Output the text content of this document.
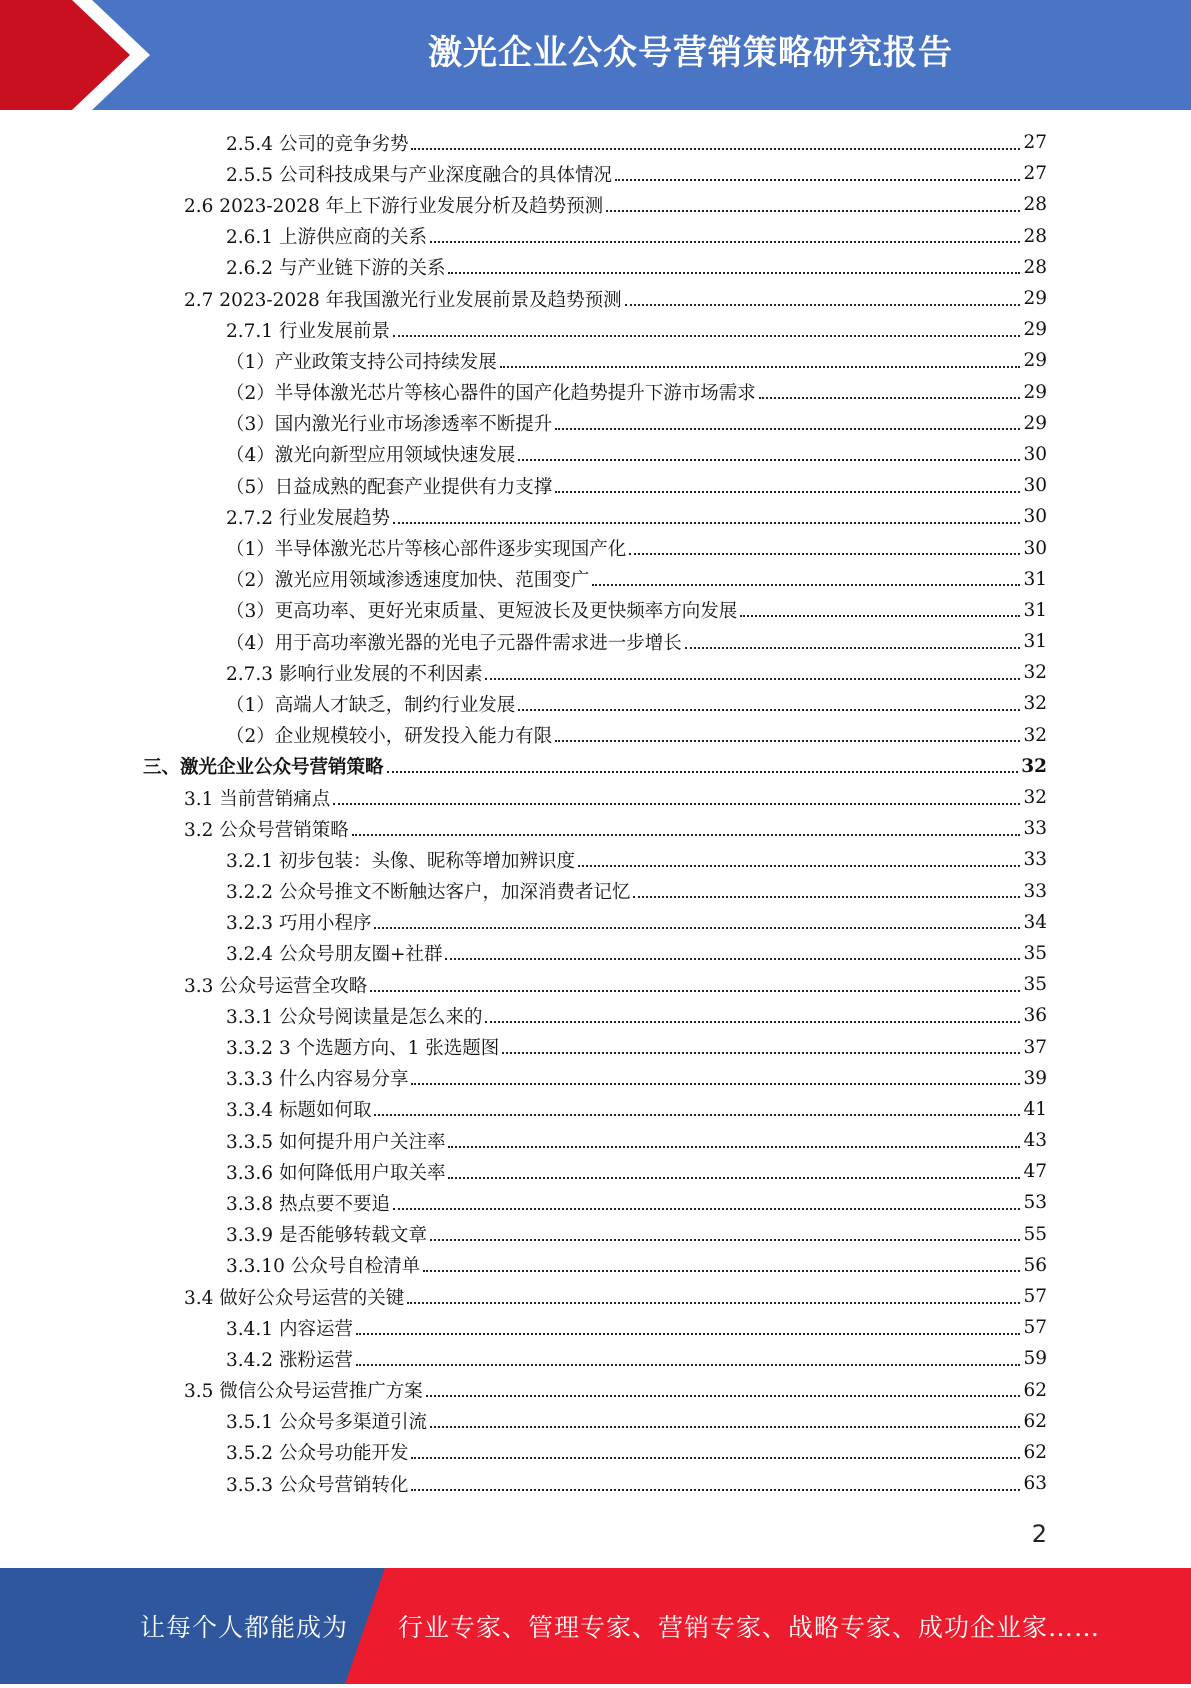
激光企业公众号营销策略研究报告
2.5.4 公司的竞争劣势	27
2.5.5 公司科技成果与产业深度融合的具体情况	27
2.6 2023-2028 年上下游行业发展分析及趋势预测	28
2.6.1 上游供应商的关系	28
2.6.2 与产业链下游的关系	28
2.7 2023-2028 年我国激光行业发展前景及趋势预测	29
2.7.1 行业发展前景	29
（1）产业政策支持公司持续发展	29
（2）半导体激光芯片等核心器件的国产化趋势提升下游市场需求	29
（3）国内激光行业市场渗透率不断提升	29
（4）激光向新型应用领域快速发展	30
（5）日益成熟的配套产业提供有力支撑	30
2.7.2 行业发展趋势	30
（1）半导体激光芯片等核心部件逐步实现国产化	30
（2）激光应用领域渗透速度加快、范围变广	31
（3）更高功率、更好光束质量、更短波长及更快频率方向发展	31
（4）用于高功率激光器的光电子元器件需求进一步增长	31
2.7.3 影响行业发展的不利因素	32
（1）高端人才缺乏，制约行业发展	32
（2）企业规模较小，研发投入能力有限	32
三、激光企业公众号营销策略	32
3.1 当前营销痛点	32
3.2 公众号营销策略	33
3.2.1 初步包装：头像、昵称等增加辨识度	33
3.2.2 公众号推文不断触达客户，加深消费者记忆	33
3.2.3 巧用小程序	34
3.2.4 公众号朋友圈+社群	35
3.3 公众号运营全攻略	35
3.3.1 公众号阅读量是怎么来的	36
3.3.2 3 个选题方向、1 张选题图	37
3.3.3 什么内容易分享	39
3.3.4 标题如何取	41
3.3.5 如何提升用户关注率	43
3.3.6 如何降低用户取关率	47
3.3.8 热点要不要追	53
3.3.9 是否能够转载文章	55
3.3.10 公众号自检清单	56
3.4 做好公众号运营的关键	57
3.4.1 内容运营	57
3.4.2 涨粉运营	59
3.5 微信公众号运营推广方案	62
3.5.1 公众号多渠道引流	62
3.5.2 公众号功能开发	62
3.5.3 公众号营销转化	63
2
让每个人都能成为 行业专家、管理专家、营销专家、战略专家、成功企业家……
